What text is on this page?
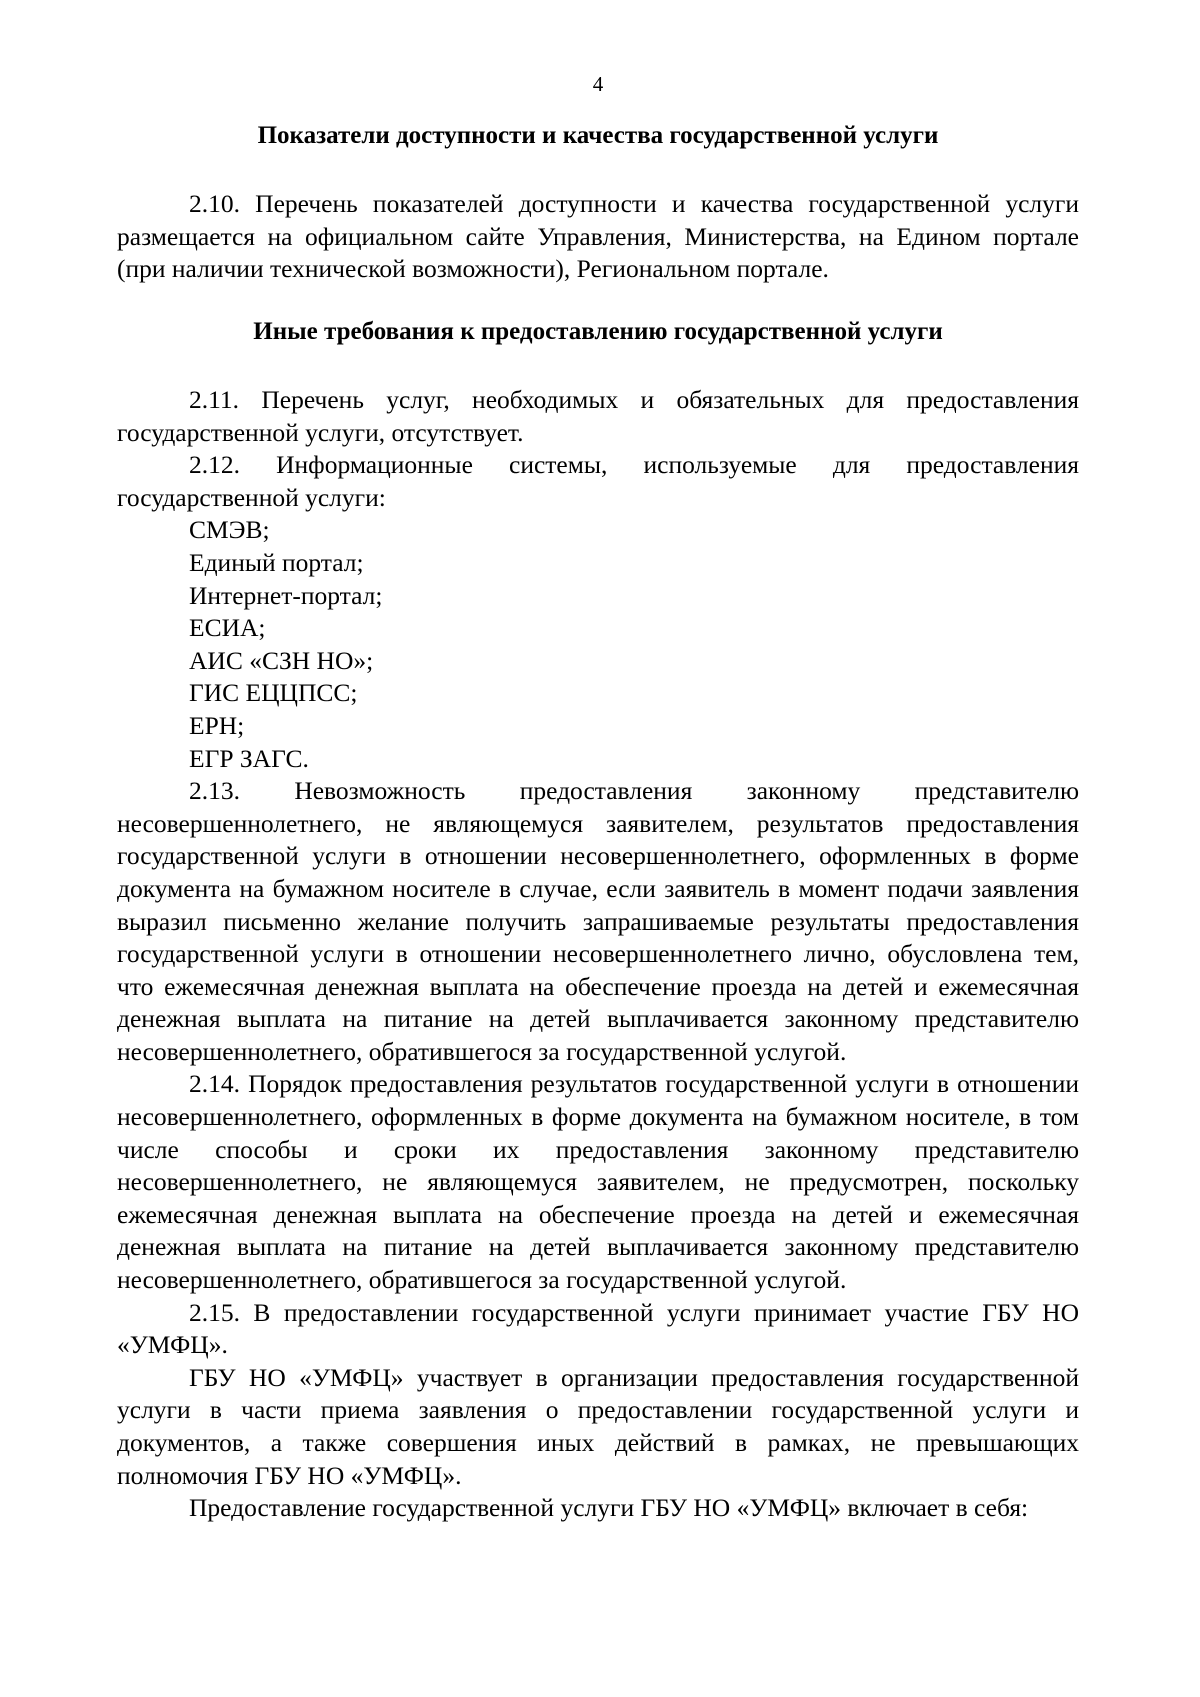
4
Показатели доступности и качества государственной услуги

2.10. Перечень показателей доступности и качества государственной услуги размещается на официальном сайте Управления, Министерства, на Едином портале (при наличии технической возможности), Региональном портале.

Иные требования к предоставлению государственной услуги

2.11. Перечень услуг, необходимых и обязательных для предоставления государственной услуги, отсутствует.

2.12. Информационные системы, используемые для предоставления государственной услуги:

СМЭВ;

Единый портал;

Интернет-портал;

ЕСИА;

АИС «СЗН НО»;

ГИС ЕЦЦПСС;

ЕРН;

ЕГР ЗАГС.

2.13. Невозможность предоставления законному представителю несовершеннолетнего, не являющемуся заявителем, результатов предоставления государственной услуги в отношении несовершеннолетнего, оформленных в форме документа на бумажном носителе в случае, если заявитель в момент подачи заявления выразил письменно желание получить запрашиваемые результаты предоставления государственной услуги в отношении несовершеннолетнего лично, обусловлена тем, что ежемесячная денежная выплата на обеспечение проезда на детей и ежемесячная денежная выплата на питание на детей выплачивается законному представителю несовершеннолетнего, обратившегося за государственной услугой.

2.14. Порядок предоставления результатов государственной услуги в отношении несовершеннолетнего, оформленных в форме документа на бумажном носителе, в том числе способы и сроки их предоставления законному представителю несовершеннолетнего, не являющемуся заявителем, не предусмотрен, поскольку ежемесячная денежная выплата на обеспечение проезда на детей и ежемесячная денежная выплата на питание на детей выплачивается законному представителю несовершеннолетнего, обратившегося за государственной услугой.

2.15. В предоставлении государственной услуги принимает участие ГБУ НО «УМФЦ».

ГБУ НО «УМФЦ» участвует в организации предоставления государственной услуги в части приема заявления о предоставлении государственной услуги и документов, а также совершения иных действий в рамках, не превышающих полномочия ГБУ НО «УМФЦ».

Предоставление государственной услуги ГБУ НО «УМФЦ» включает в себя:
